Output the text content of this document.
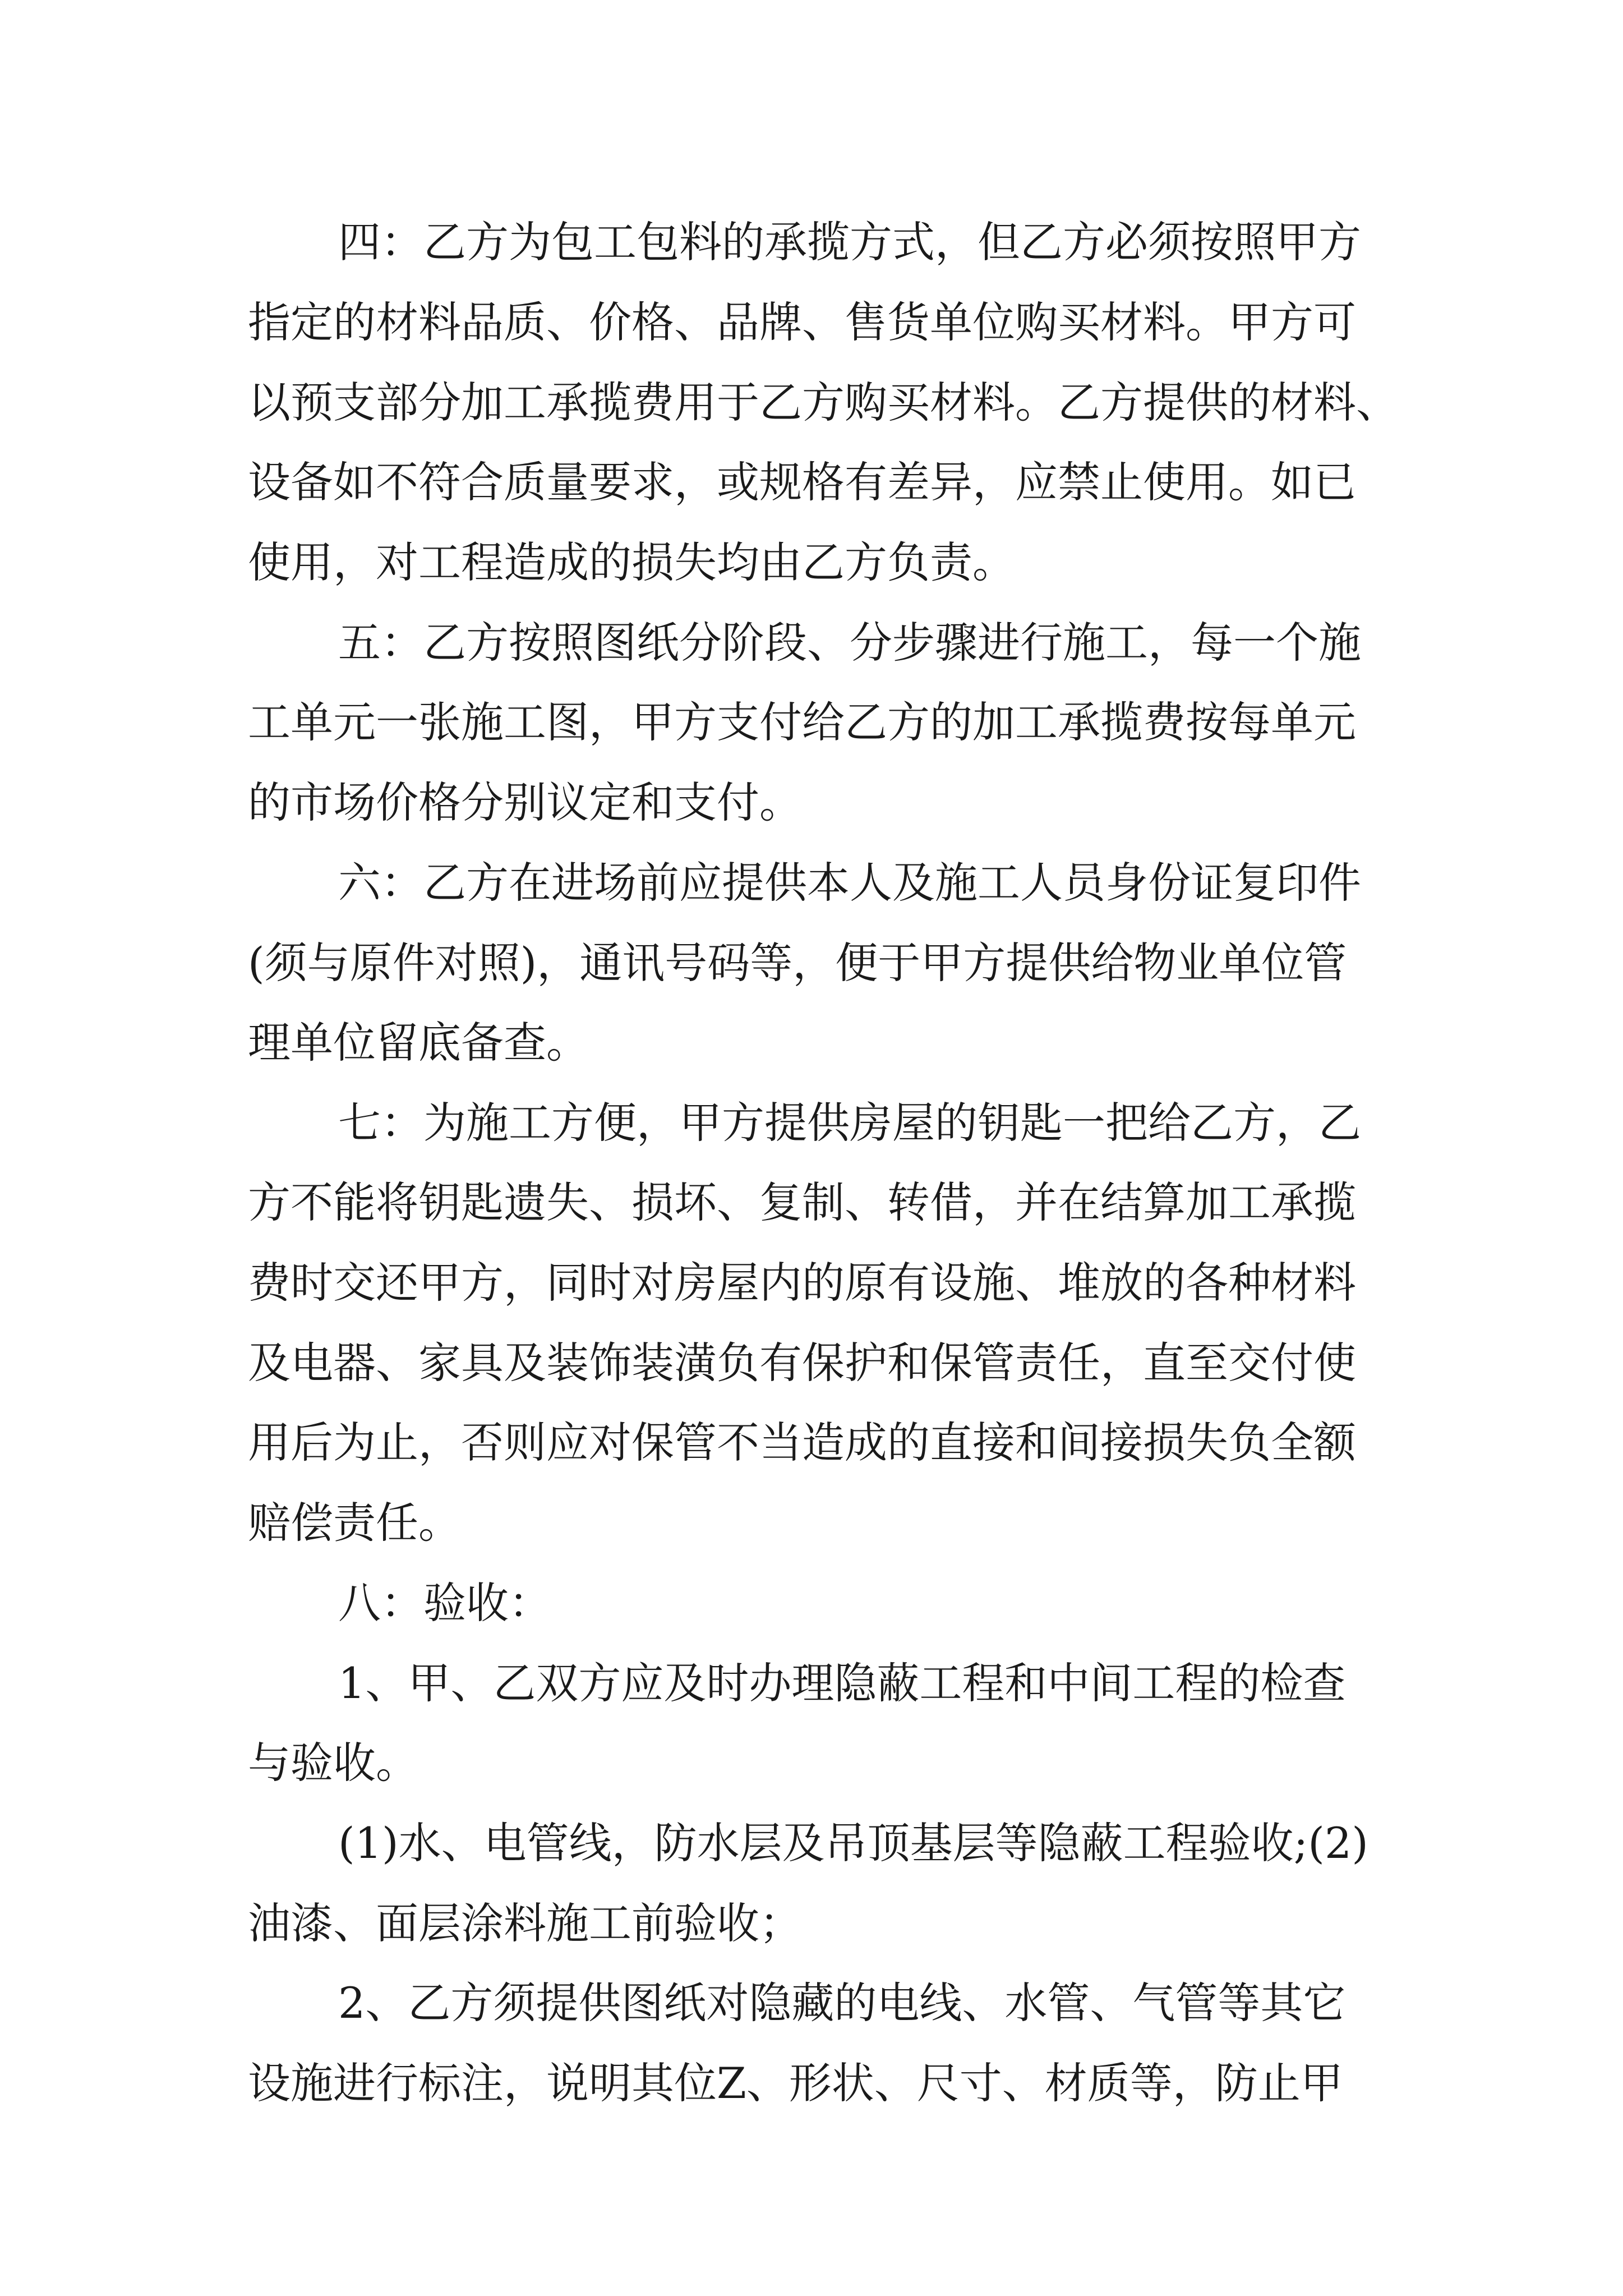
四：乙方为包工包料的承揽方式，但乙方必须按照甲方
指定的材料品质、价格、品牌、售货单位购买材料。甲方可
以预支部分加工承揽费用于乙方购买材料。乙方提供的材料、
设备如不符合质量要求，或规格有差异，应禁止使用。如已
使用，对工程造成的损失均由乙方负责。
五：乙方按照图纸分阶段、分步骤进行施工，每一个施
工单元一张施工图，甲方支付给乙方的加工承揽费按每单元
的市场价格分别议定和支付。
六：乙方在进场前应提供本人及施工人员身份证复印件
(须与原件对照)，通讯号码等，便于甲方提供给物业单位管
理单位留底备查。
七：为施工方便，甲方提供房屋的钥匙一把给乙方，乙
方不能将钥匙遗失、损坏、复制、转借，并在结算加工承揽
费时交还甲方，同时对房屋内的原有设施、堆放的各种材料
及电器、家具及装饰装潢负有保护和保管责任，直至交付使
用后为止，否则应对保管不当造成的直接和间接损失负全额
赔偿责任。
八：验收：
1、甲、乙双方应及时办理隐蔽工程和中间工程的检查
与验收。
(1)水、电管线，防水层及吊顶基层等隐蔽工程验收;(2)
油漆、面层涂料施工前验收；
2、乙方须提供图纸对隐藏的电线、水管、气管等其它
设施进行标注，说明其位Z、形状、尺寸、材质等，防止甲
